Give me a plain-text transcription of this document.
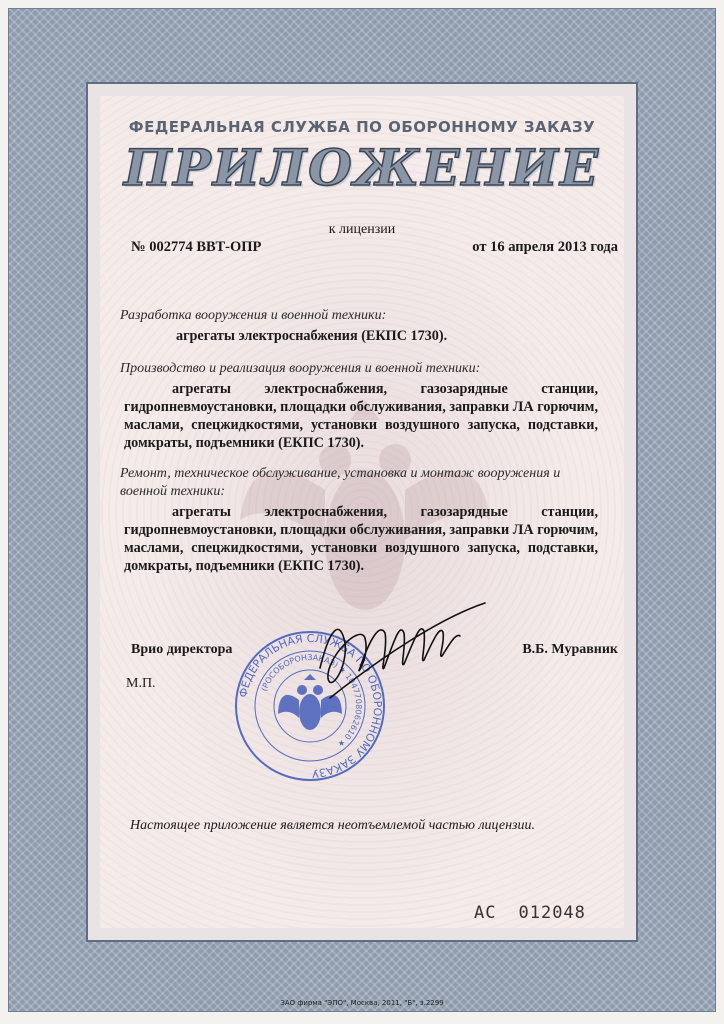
ФЕДЕРАЛЬНАЯ СЛУЖБА ПО ОБОРОННОМУ ЗАКАЗУ
ПРИЛОЖЕНИЕ
к лицензии
№ 002774 ВВТ-ОПР	от 16 апреля 2013 года
Разработка вооружения и военной техники:
агрегаты электроснабжения (ЕКПС 1730).
Производство и реализация вооружения и военной техники:
агрегаты электроснабжения, газозарядные станции, гидропневмоустановки, площадки обслуживания, заправки ЛА горючим, маслами, спецжидкостями, установки воздушного запуска, подставки, домкраты, подъемники (ЕКПС 1730).
Ремонт, техническое обслуживание, установка и монтаж вооружения и
военной техники:
агрегаты электроснабжения, газозарядные станции, гидропневмоустановки, площадки обслуживания, заправки ЛА горючим, маслами, спецжидкостями, установки воздушного запуска, подставки, домкраты, подъемники (ЕКПС 1730).
Врио директора	В.Б. Муравник
М.П.
ФЕДЕРАЛЬНАЯ СЛУЖБА ПО ОБОРОННОМУ ЗАКАЗУ
(РОСОБОРОНЗАКАЗ) ★ 1047708062610 ★
Настоящее приложение является неотъемлемой частью лицензии.
АС 012048
ЗАО фирма "ЭПО", Москва, 2011, "Б", з.2299
